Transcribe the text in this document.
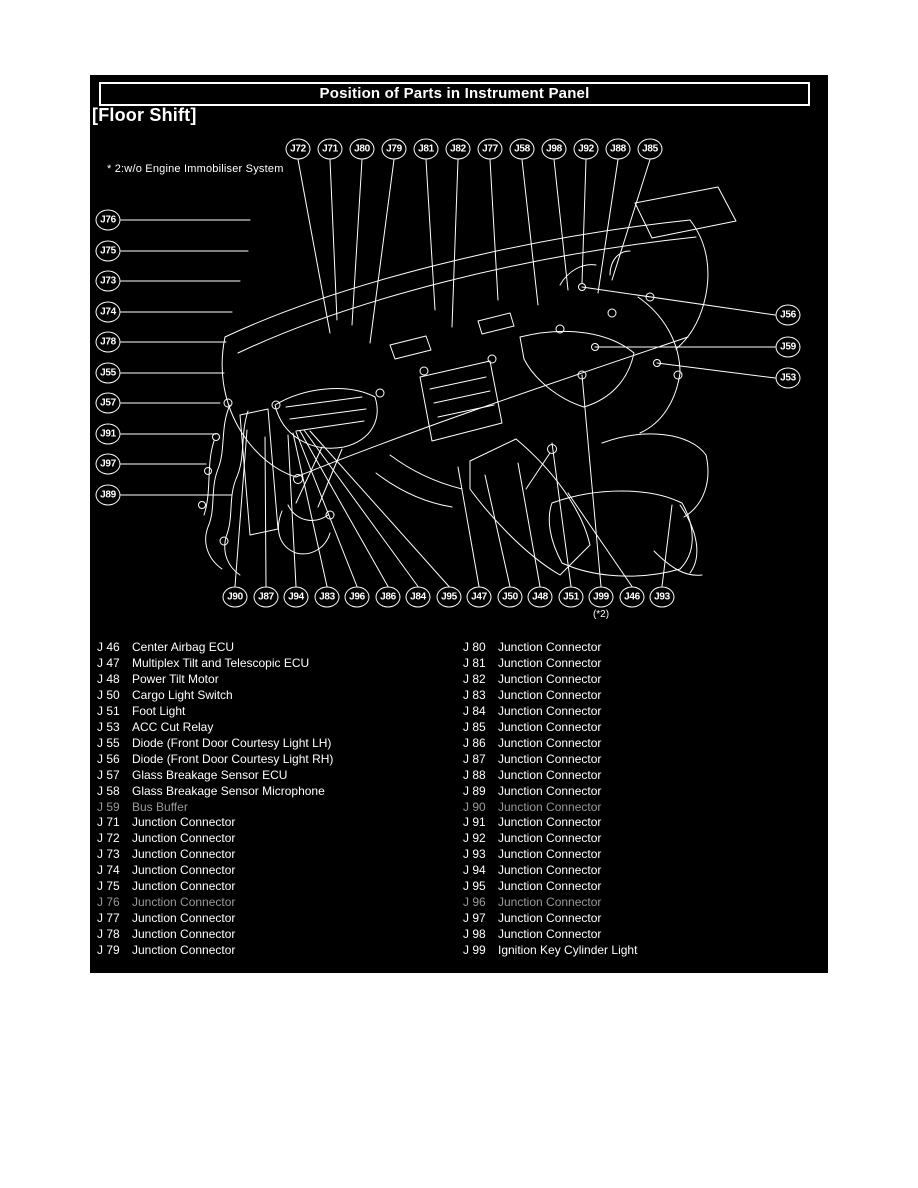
Position of Parts in Instrument Panel
[Floor Shift]
* 2:w/o Engine Immobiliser System
J72	J71	J80	J79	J81	J82	J77	J58	J98	J92	J88	J85
J90	J87	J94	J83	J96	J86	J84	J95	J47	J50	J48	J51	J99	J46	J93
J76
J75
J73
J74
J78
J55
J57
J91
J97
J89
J56
J59
J53
(*2)
J 46 Center Airbag ECU
J 47 Multiplex Tilt and Telescopic ECU
J 48 Power Tilt Motor
J 50 Cargo Light Switch
J 51 Foot Light
J 53 ACC Cut Relay
J 55 Diode (Front Door Courtesy Light LH)
J 56 Diode (Front Door Courtesy Light RH)
J 57 Glass Breakage Sensor ECU
J 58 Glass Breakage Sensor Microphone
J 59 Bus Buffer
J 71 Junction Connector
J 72 Junction Connector
J 73 Junction Connector
J 74 Junction Connector
J 75 Junction Connector
J 76 Junction Connector
J 77 Junction Connector
J 78 Junction Connector
J 79 Junction Connector
J 80 Junction Connector
J 81 Junction Connector
J 82 Junction Connector
J 83 Junction Connector
J 84 Junction Connector
J 85 Junction Connector
J 86 Junction Connector
J 87 Junction Connector
J 88 Junction Connector
J 89 Junction Connector
J 90 Junction Connector
J 91 Junction Connector
J 92 Junction Connector
J 93 Junction Connector
J 94 Junction Connector
J 95 Junction Connector
J 96 Junction Connector
J 97 Junction Connector
J 98 Junction Connector
J 99 Ignition Key Cylinder Light
